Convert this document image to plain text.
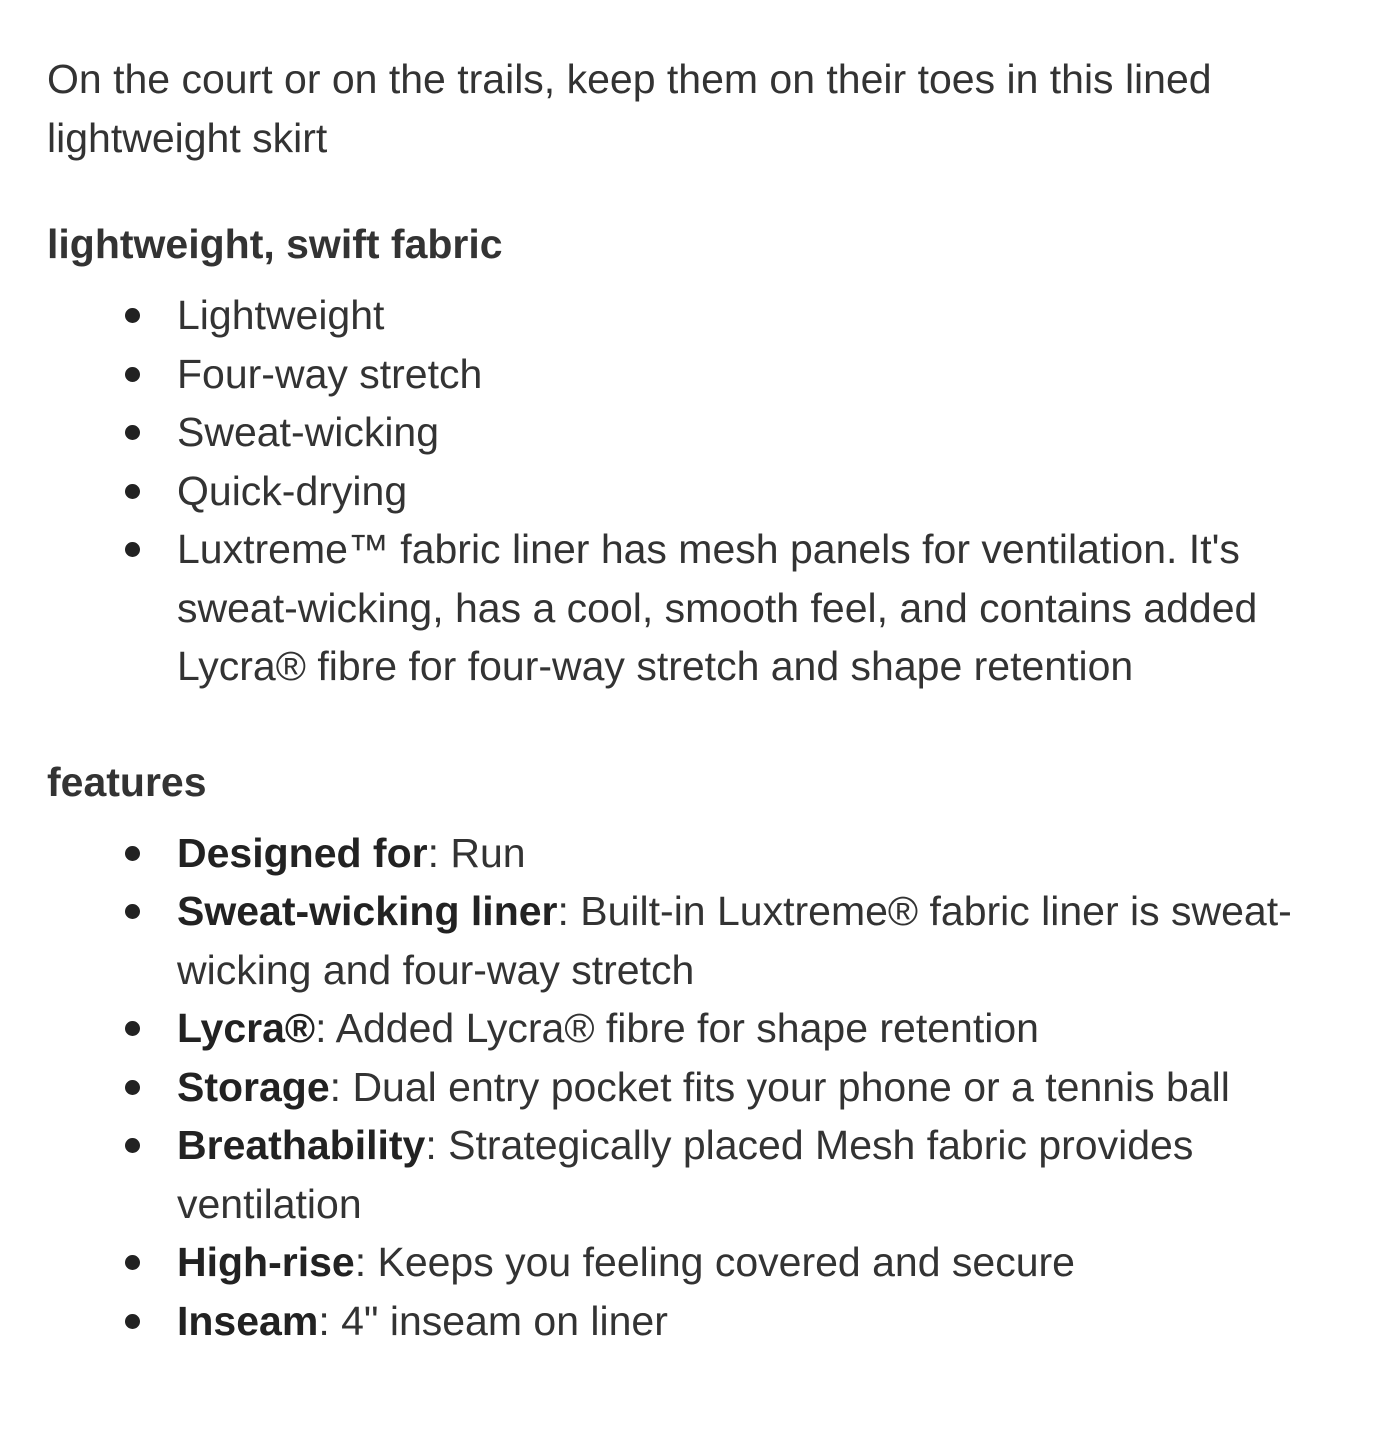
On the court or on the trails, keep them on their toes in this lined lightweight skirt

lightweight, swift fabric
Lightweight
Four-way stretch
Sweat-wicking
Quick-drying
Luxtreme™ fabric liner has mesh panels for ventilation. It's sweat-wicking, has a cool, smooth feel, and contains added Lycra® fibre for four-way stretch and shape retention
features
Designed for: Run
Sweat-wicking liner: Built-in Luxtreme® fabric liner is sweat-wicking and four-way stretch
Lycra®: Added Lycra® fibre for shape retention
Storage: Dual entry pocket fits your phone or a tennis ball
Breathability: Strategically placed Mesh fabric provides ventilation
High-rise: Keeps you feeling covered and secure
Inseam: 4" inseam on liner
